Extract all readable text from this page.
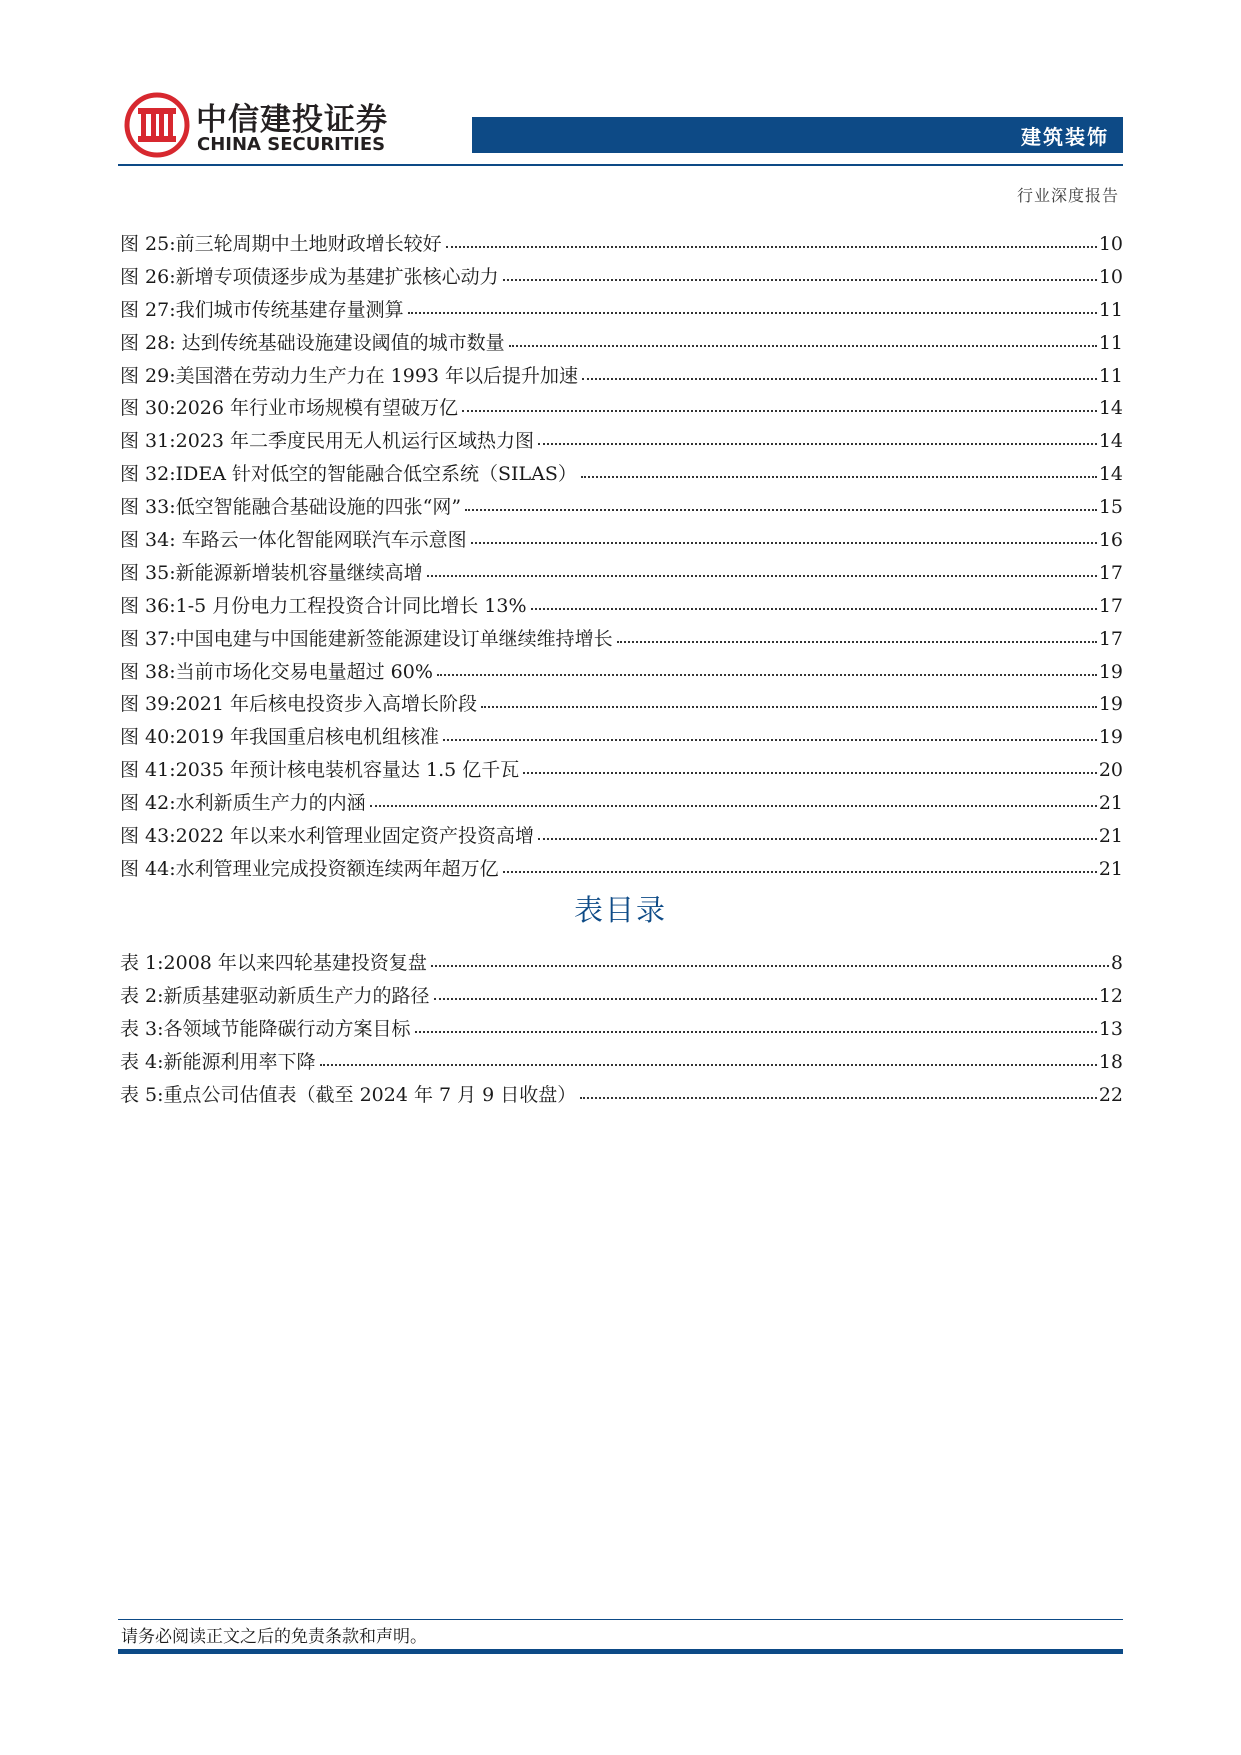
中信建投证券
CHINA SECURITIES	建筑装饰
行业深度报告
图 25:前三轮周期中土地财政增长较好	10
图 26:新增专项债逐步成为基建扩张核心动力	10
图 27:我们城市传统基建存量测算	11
图 28: 达到传统基础设施建设阈值的城市数量	11
图 29:美国潜在劳动力生产力在 1993 年以后提升加速	11
图 30:2026 年行业市场规模有望破万亿	14
图 31:2023 年二季度民用无人机运行区域热力图	14
图 32:IDEA 针对低空的智能融合低空系统（SILAS）	14
图 33:低空智能融合基础设施的四张“网”	15
图 34: 车路云一体化智能网联汽车示意图	16
图 35:新能源新增装机容量继续高增	17
图 36:1-5 月份电力工程投资合计同比增长 13%	17
图 37:中国电建与中国能建新签能源建设订单继续维持增长	17
图 38:当前市场化交易电量超过 60%	19
图 39:2021 年后核电投资步入高增长阶段	19
图 40:2019 年我国重启核电机组核准	19
图 41:2035 年预计核电装机容量达 1.5 亿千瓦	20
图 42:水利新质生产力的内涵	21
图 43:2022 年以来水利管理业固定资产投资高增	21
图 44:水利管理业完成投资额连续两年超万亿	21
表目录
表 1:2008 年以来四轮基建投资复盘	8
表 2:新质基建驱动新质生产力的路径	12
表 3:各领域节能降碳行动方案目标	13
表 4:新能源利用率下降	18
表 5:重点公司估值表（截至 2024 年 7 月 9 日收盘）	22
请务必阅读正文之后的免责条款和声明。
